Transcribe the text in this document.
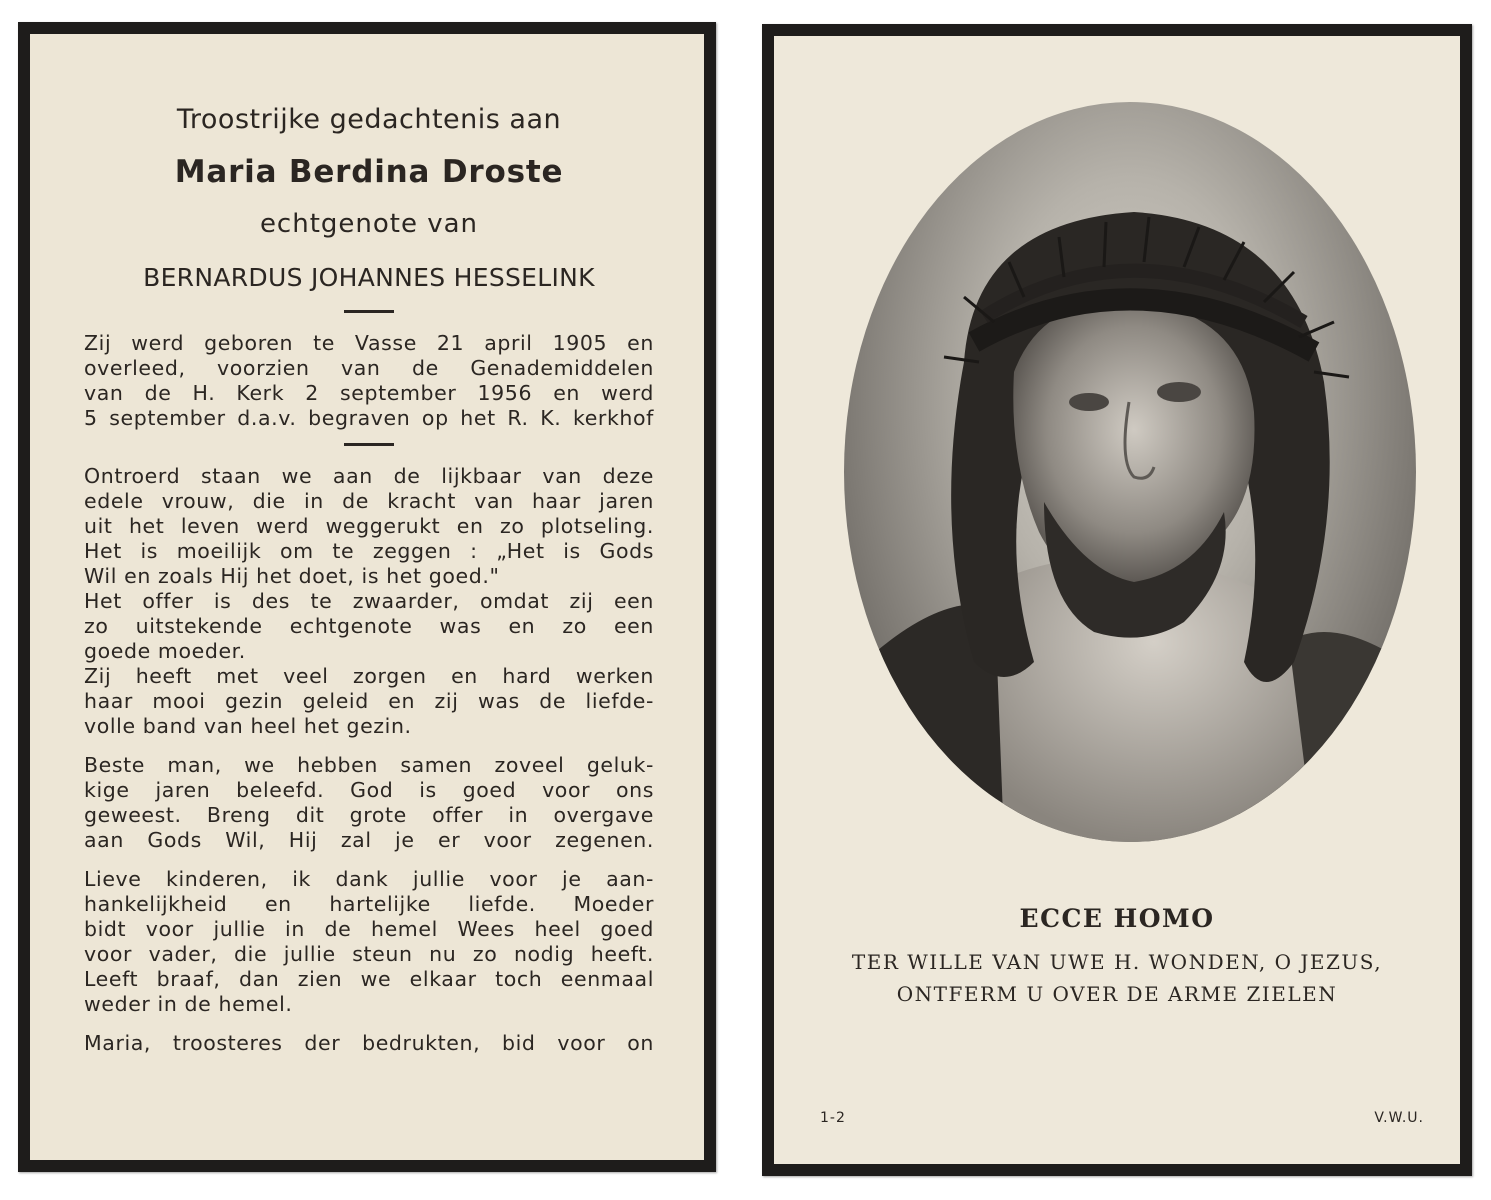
Troostrijke gedachtenis aan
Maria Berdina Droste
echtgenote van
BERNARDUS JOHANNES HESSELINK
Zij werd geboren te Vasse 21 april 1905 en
overleed, voorzien van de Genademiddelen
van de H. Kerk 2 september 1956 en werd
5 september d.a.v. begraven op het R. K. kerkhof
Ontroerd staan we aan de lijkbaar van deze
edele vrouw, die in de kracht van haar jaren
uit het leven werd weggerukt en zo plotseling.
Het is moeilijk om te zeggen : „Het is Gods
Wil en zoals Hij het doet, is het goed."
Het offer is des te zwaarder, omdat zij een
zo uitstekende echtgenote was en zo een
goede moeder.
Zij heeft met veel zorgen en hard werken
haar mooi gezin geleid en zij was de liefde-
volle band van heel het gezin.
Beste man, we hebben samen zoveel geluk-
kige jaren beleefd. God is goed voor ons
geweest. Breng dit grote offer in overgave
aan Gods Wil, Hij zal je er voor zegenen.
Lieve kinderen, ik dank jullie voor je aan-
hankelijkheid en hartelijke liefde. Moeder
bidt voor jullie in de hemel Wees heel goed
voor vader, die jullie steun nu zo nodig heeft.
Leeft braaf, dan zien we elkaar toch eenmaal
weder in de hemel.
Maria, troosteres der bedrukten, bid voor on
ECCE HOMO
TER WILLE VAN UWE H. WONDEN, O JEZUS,
ONTFERM U OVER DE ARME ZIELEN
1-2	V.W.U.
